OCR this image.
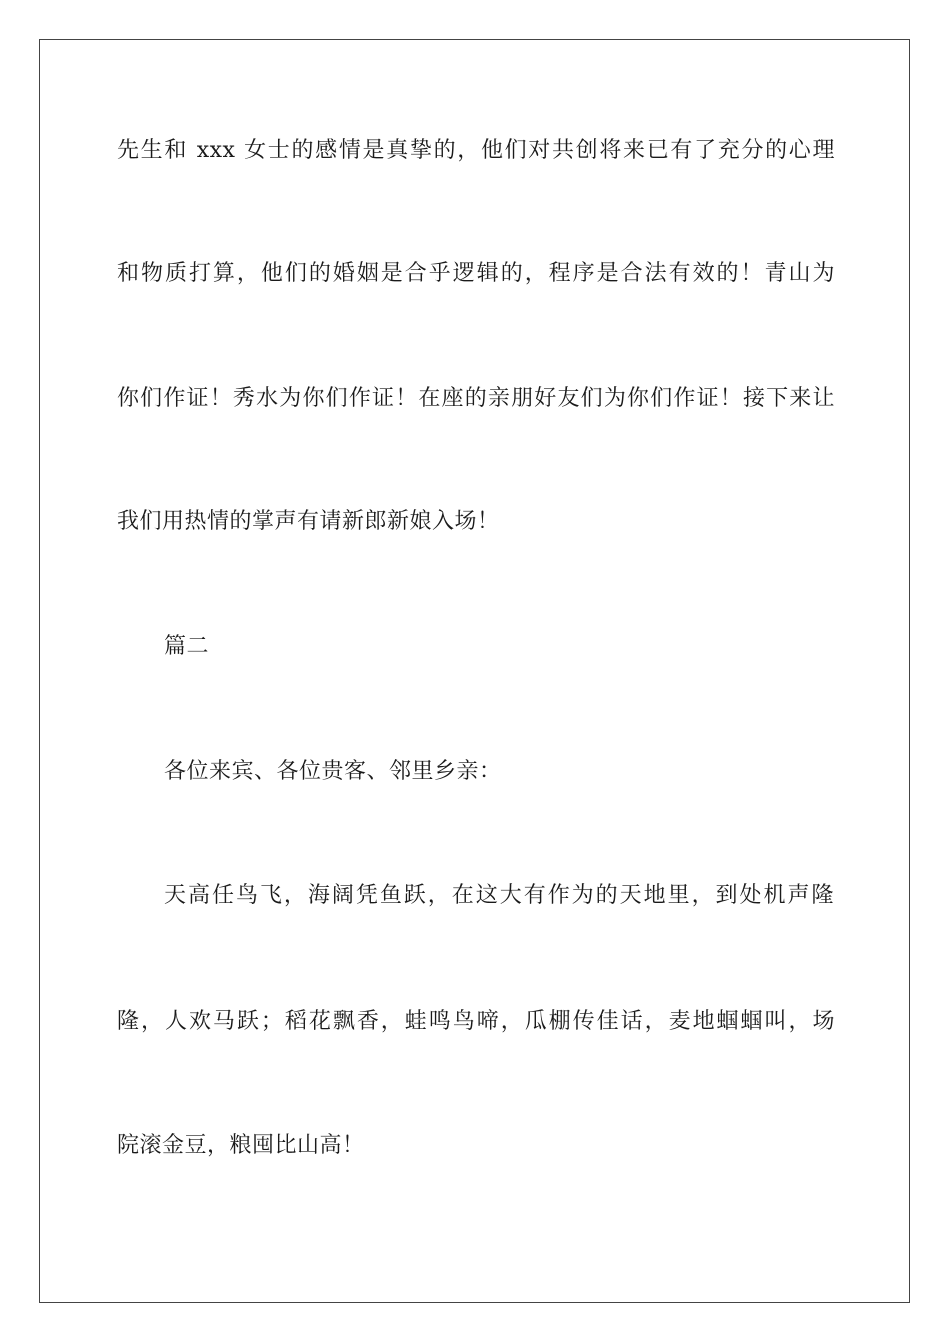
先生和 xxx 女士的感情是真挚的，他们对共创将来已有了充分的心理
和物质打算，他们的婚姻是合乎逻辑的，程序是合法有效的！青山为
你们作证！秀水为你们作证！在座的亲朋好友们为你们作证！接下来让
我们用热情的掌声有请新郎新娘入场！
篇二
各位来宾、各位贵客、邻里乡亲：
天高任鸟飞，海阔凭鱼跃，在这大有作为的天地里，到处机声隆
隆，人欢马跃；稻花飘香，蛙鸣鸟啼，瓜棚传佳话，麦地蝈蝈叫，场
院滚金豆，粮囤比山高！
